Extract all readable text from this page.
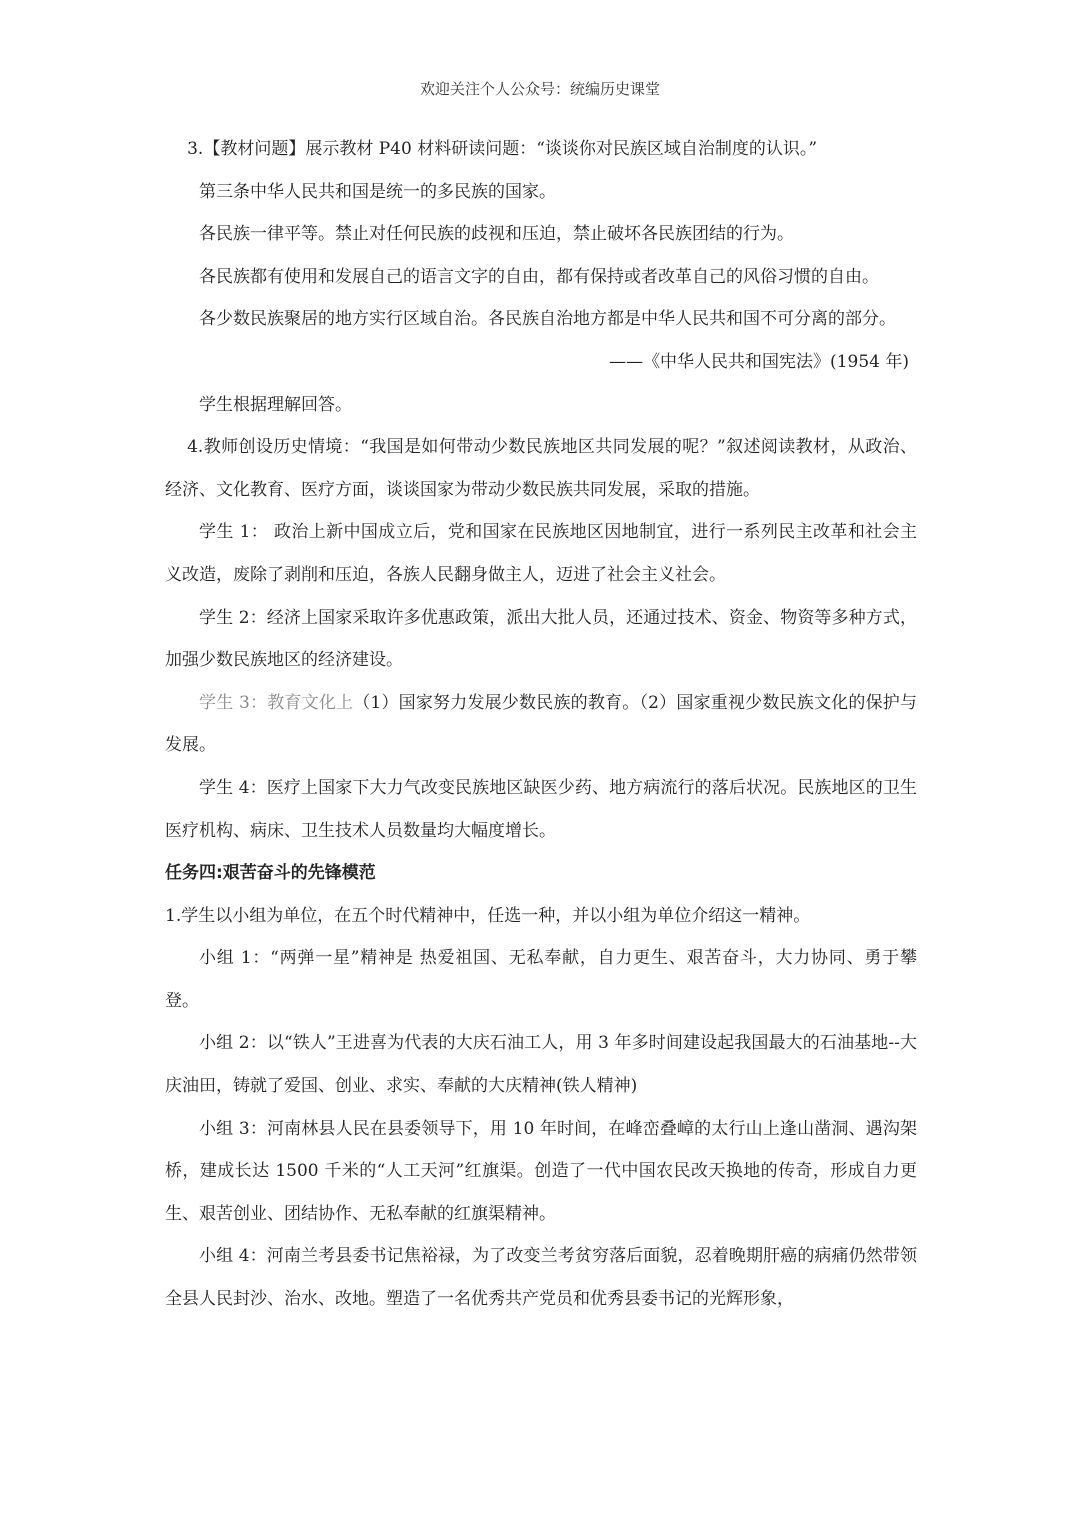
欢迎关注个人公众号：统编历史课堂

3.【教材问题】展示教材 P40 材料研读问题：“谈谈你对民族区域自治制度的认识。”

第三条中华人民共和国是统一的多民族的国家。

各民族一律平等。禁止对任何民族的歧视和压迫，禁止破坏各民族团结的行为。

各民族都有使用和发展自己的语言文字的自由，都有保持或者改革自己的风俗习惯的自由。

各少数民族聚居的地方实行区域自治。各民族自治地方都是中华人民共和国不可分离的部分。

——《中华人民共和国宪法》(1954 年)

学生根据理解回答。

4.教师创设历史情境：“我国是如何带动少数民族地区共同发展的呢？”叙述阅读教材，从政治、经济、文化教育、医疗方面，谈谈国家为带动少数民族共同发展，采取的措施。

学生 1： 政治上新中国成立后，党和国家在民族地区因地制宜，进行一系列民主改革和社会主义改造，废除了剥削和压迫，各族人民翻身做主人，迈进了社会主义社会。

学生 2：经济上国家采取许多优惠政策，派出大批人员，还通过技术、资金、物资等多种方式，加强少数民族地区的经济建设。

学生 3：教育文化上（1）国家努力发展少数民族的教育。（2）国家重视少数民族文化的保护与发展。

学生 4：医疗上国家下大力气改变民族地区缺医少药、地方病流行的落后状况。民族地区的卫生医疗机构、病床、卫生技术人员数量均大幅度增长。

任务四:艰苦奋斗的先锋模范

1.学生以小组为单位，在五个时代精神中，任选一种，并以小组为单位介绍这一精神。

小组 1：“两弹一星”精神是 热爱祖国、无私奉献，自力更生、艰苦奋斗，大力协同、勇于攀登。

小组 2：以“铁人”王进喜为代表的大庆石油工人，用 3 年多时间建设起我国最大的石油基地--大庆油田，铸就了爱国、创业、求实、奉献的大庆精神(铁人精神)

小组 3：河南林县人民在县委领导下，用 10 年时间，在峰峦叠嶂的太行山上逢山凿洞、遇沟架桥，建成长达 1500 千米的“人工天河”红旗渠。创造了一代中国农民改天换地的传奇，形成自力更生、艰苦创业、团结协作、无私奉献的红旗渠精神。

小组 4：河南兰考县委书记焦裕禄，为了改变兰考贫穷落后面貌，忍着晚期肝癌的病痛仍然带领全县人民封沙、治水、改地。塑造了一名优秀共产党员和优秀县委书记的光辉形象，
